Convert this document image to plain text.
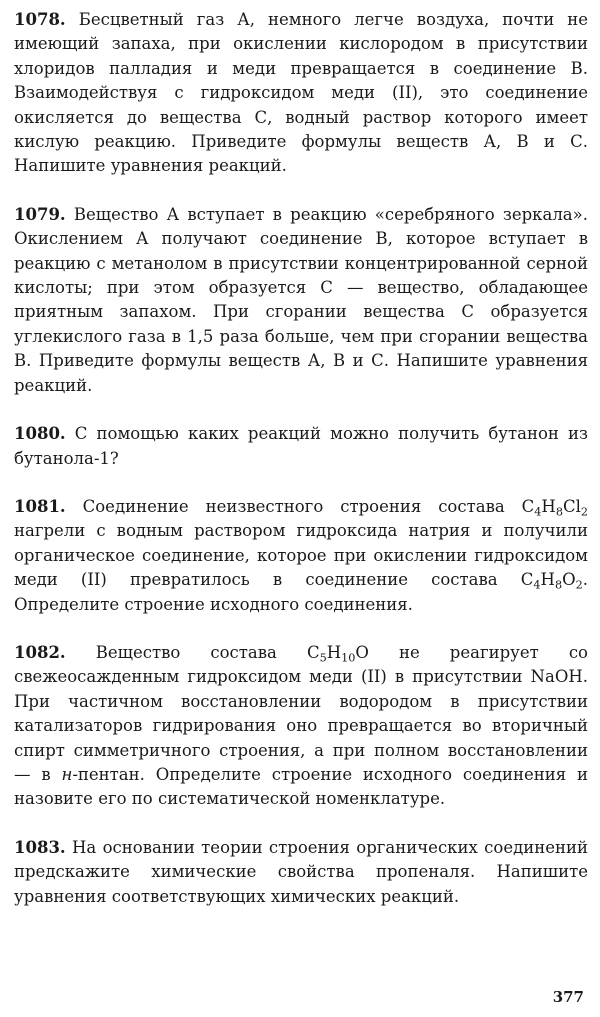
1078. Бесцветный газ А, немного легче воздуха, почти не имеющий запаха, при окислении кислородом в присутствии хлоридов палладия и меди превращается в соединение В. Взаимодействуя с гидроксидом меди (II), это соединение окисляется до вещества С, водный раствор которого имеет кислую реакцию. Приведите формулы веществ А, В и С. Напишите уравнения реакций.

1079. Вещество А вступает в реакцию «серебряного зеркала». Окислением А получают соединение В, которое вступает в реакцию с метанолом в присутствии концентрированной серной кислоты; при этом образуется С — вещество, обладающее приятным запахом. При сгорании вещества С образуется углекислого газа в 1,5 раза больше, чем при сгорании вещества В. Приведите формулы веществ А, В и С. Напишите уравнения реакций.

1080. С помощью каких реакций можно получить бутанон из бутанола-1?

1081. Соединение неизвестного строения состава $C_4H_8Cl_2$ нагрели с водным раствором гидроксида натрия и получили органическое соединение, которое при окислении гидроксидом меди (II) превратилось в соединение состава $C_4H_8O_2$. Определите строение исходного соединения.

1082. Вещество состава $C_5H_{10}O$ не реагирует со свежеосажденным гидроксидом меди (II) в присутствии NaOH. При частичном восстановлении водородом в присутствии катализаторов гидрирования оно превращается во вторичный спирт симметричного строения, а при полном восстановлении — в н-пентан. Определите строение исходного соединения и назовите его по систематической номенклатуре.

1083. На основании теории строения органических соединений предскажите химические свойства пропеналя. Напишите уравнения соответствующих химических реакций.

377
